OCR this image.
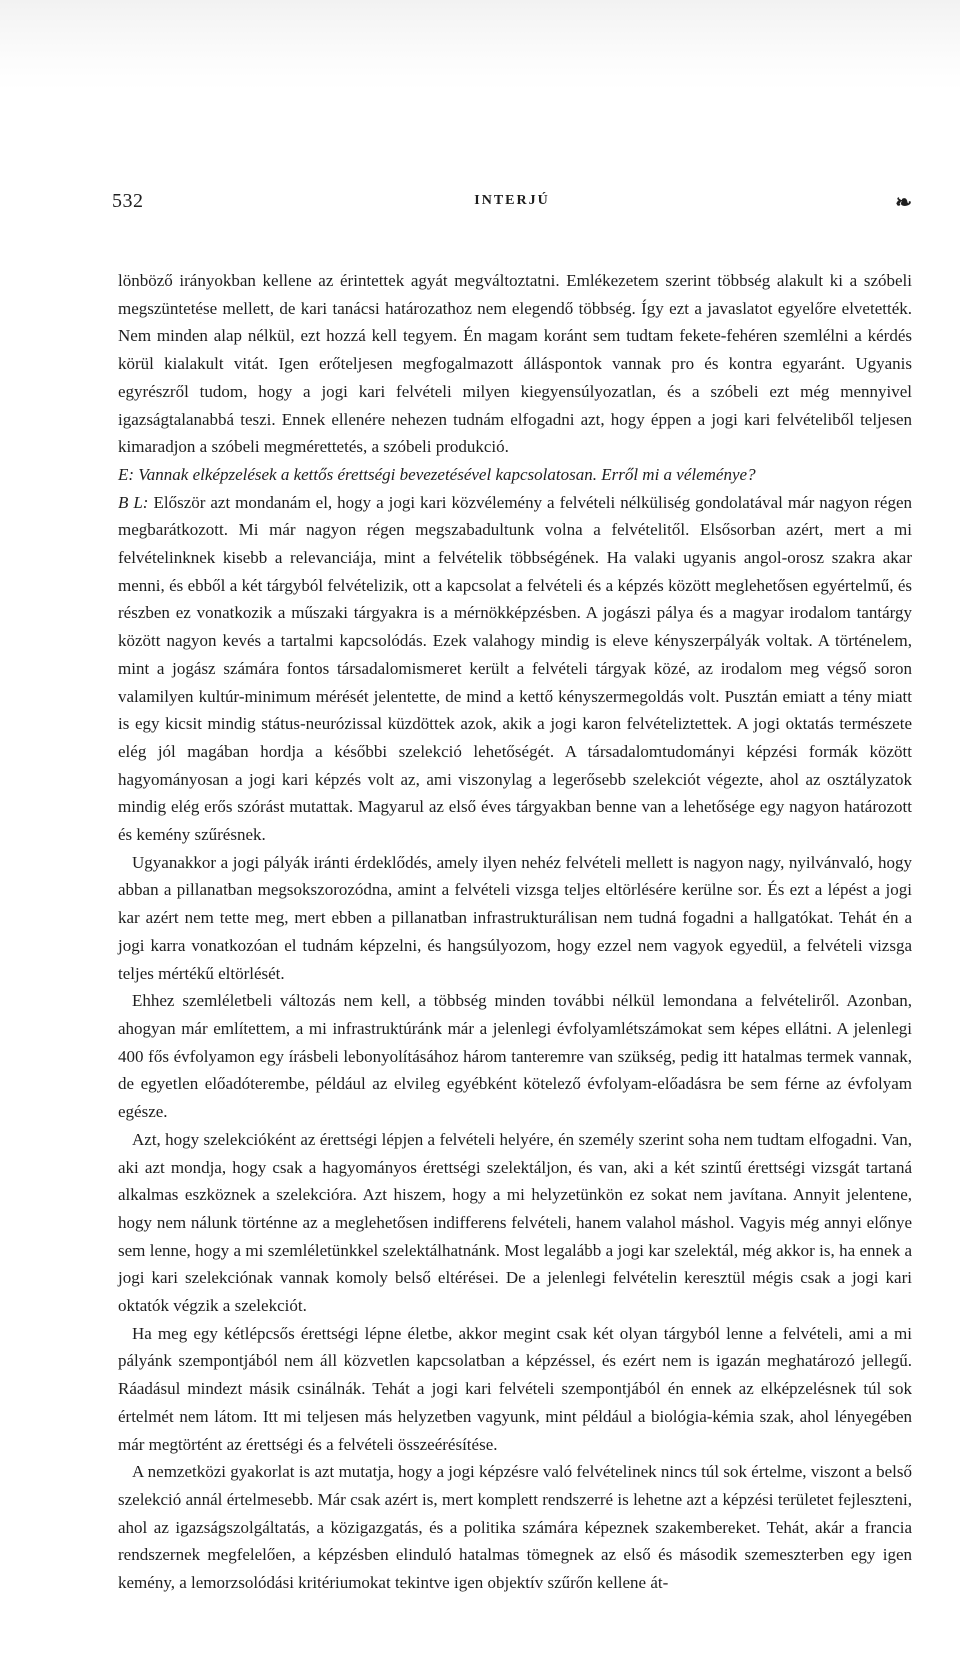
532	INTERJÚ	❧

lönböző irányokban kellene az érintettek agyát megváltoztatni. Emlékezetem szerint többség alakult ki a szóbeli megszüntetése mellett, de kari tanácsi határozathoz nem elegendő többség. Így ezt a javaslatot egyelőre elvetették. Nem minden alap nélkül, ezt hozzá kell tegyem. Én magam koránt sem tudtam fekete-fehéren szemlélni a kérdés körül kialakult vitát. Igen erőteljesen megfogalmazott álláspontok vannak pro és kontra egyaránt. Ugyanis egyrészről tudom, hogy a jogi kari felvételi milyen kiegyensúlyozatlan, és a szóbeli ezt még mennyivel igazságtalanabbá teszi. Ennek ellenére nehezen tudnám elfogadni azt, hogy éppen a jogi kari felvételiből teljesen kimaradjon a szóbeli megmérettetés, a szóbeli produkció.

E: Vannak elképzelések a kettős érettségi bevezetésével kapcsolatosan. Erről mi a véleménye?

B L: Először azt mondanám el, hogy a jogi kari közvélemény a felvételi nélküliség gondolatával már nagyon régen megbarátkozott. Mi már nagyon régen megszabadultunk volna a felvételitől. Elsősorban azért, mert a mi felvételinknek kisebb a relevanciája, mint a felvételik többségének. Ha valaki ugyanis angol-orosz szakra akar menni, és ebből a két tárgyból felvételizik, ott a kapcsolat a felvételi és a képzés között meglehetősen egyértelmű, és részben ez vonatkozik a műszaki tárgyakra is a mérnökképzésben. A jogászi pálya és a magyar irodalom tantárgy között nagyon kevés a tartalmi kapcsolódás. Ezek valahogy mindig is eleve kényszerpályák voltak. A történelem, mint a jogász számára fontos társadalomismeret került a felvételi tárgyak közé, az irodalom meg végső soron valamilyen kultúr-minimum mérését jelentette, de mind a kettő kényszermegoldás volt. Pusztán emiatt a tény miatt is egy kicsit mindig státus-neurózissal küzdöttek azok, akik a jogi karon felvételiztettek. A jogi oktatás természete elég jól magában hordja a későbbi szelekció lehetőségét. A társadalomtudományi képzési formák között hagyományosan a jogi kari képzés volt az, ami viszonylag a legerősebb szelekciót végezte, ahol az osztályzatok mindig elég erős szórást mutattak. Magyarul az első éves tárgyakban benne van a lehetősége egy nagyon határozott és kemény szűrésnek.

Ugyanakkor a jogi pályák iránti érdeklődés, amely ilyen nehéz felvételi mellett is nagyon nagy, nyilvánvaló, hogy abban a pillanatban megsokszorozódna, amint a felvételi vizsga teljes eltörlésére kerülne sor. És ezt a lépést a jogi kar azért nem tette meg, mert ebben a pillanatban infrastrukturálisan nem tudná fogadni a hallgatókat. Tehát én a jogi karra vonatkozóan el tudnám képzelni, és hangsúlyozom, hogy ezzel nem vagyok egyedül, a felvételi vizsga teljes mértékű eltörlését.

Ehhez szemléletbeli változás nem kell, a többség minden további nélkül lemondana a felvételiről. Azonban, ahogyan már említettem, a mi infrastruktúránk már a jelenlegi évfolyamlétszámokat sem képes ellátni. A jelenlegi 400 fős évfolyamon egy írásbeli lebonyolításához három tanteremre van szükség, pedig itt hatalmas termek vannak, de egyetlen előadóterembe, például az elvileg egyébként kötelező évfolyam-előadásra be sem férne az évfolyam egésze.

Azt, hogy szelekcióként az érettségi lépjen a felvételi helyére, én személy szerint soha nem tudtam elfogadni. Van, aki azt mondja, hogy csak a hagyományos érettségi szelektáljon, és van, aki a két szintű érettségi vizsgát tartaná alkalmas eszköznek a szelekcióra. Azt hiszem, hogy a mi helyzetünkön ez sokat nem javítana. Annyit jelentene, hogy nem nálunk történne az a meglehetősen indifferens felvételi, hanem valahol máshol. Vagyis még annyi előnye sem lenne, hogy a mi szemléletünkkel szelektálhatnánk. Most legalább a jogi kar szelektál, még akkor is, ha ennek a jogi kari szelekciónak vannak komoly belső eltérései. De a jelenlegi felvételin keresztül mégis csak a jogi kari oktatók végzik a szelekciót.

Ha meg egy kétlépcsős érettségi lépne életbe, akkor megint csak két olyan tárgyból lenne a felvételi, ami a mi pályánk szempontjából nem áll közvetlen kapcsolatban a képzéssel, és ezért nem is igazán meghatározó jellegű. Ráadásul mindezt másik csinálnák. Tehát a jogi kari felvételi szempontjából én ennek az elképzelésnek túl sok értelmét nem látom. Itt mi teljesen más helyzetben vagyunk, mint például a biológia-kémia szak, ahol lényegében már megtörtént az érettségi és a felvételi összeérésítése.

A nemzetközi gyakorlat is azt mutatja, hogy a jogi képzésre való felvételinek nincs túl sok értelme, viszont a belső szelekció annál értelmesebb. Már csak azért is, mert komplett rendszerré is lehetne azt a képzési területet fejleszteni, ahol az igazságszolgáltatás, a közigazgatás, és a politika számára képeznek szakembereket. Tehát, akár a francia rendszernek megfelelően, a képzésben elinduló hatalmas tömegnek az első és második szemeszterben egy igen kemény, a lemorzsolódási kritériumokat tekintve igen objektív szűrőn kellene át-
